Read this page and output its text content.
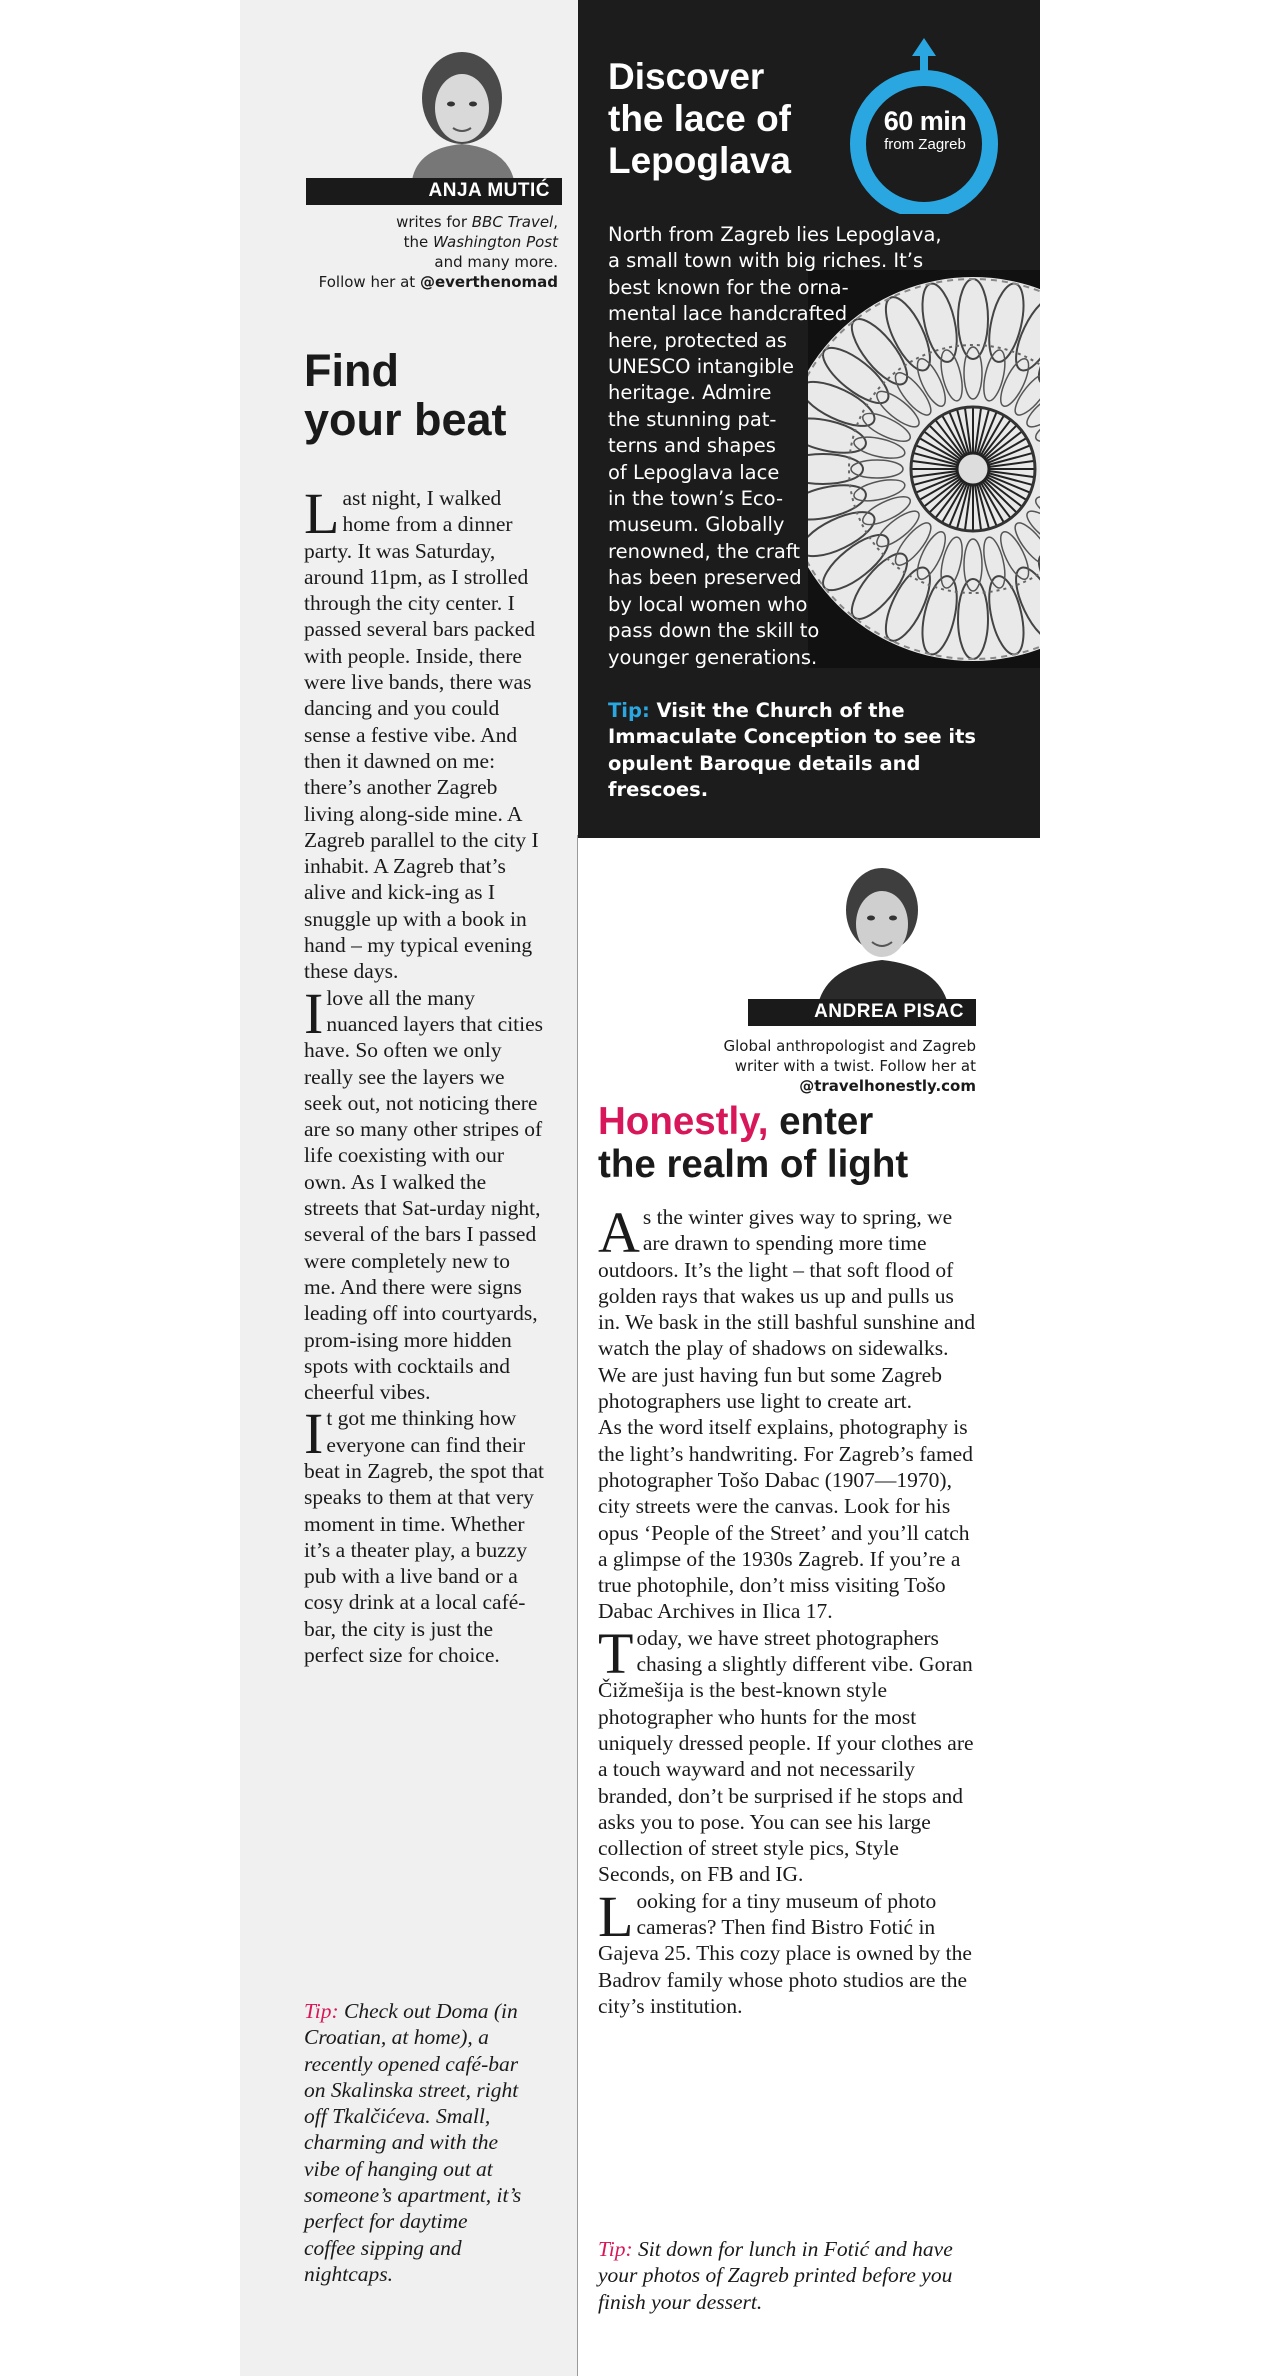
ANJA MUTIĆ
writes for BBC Travel,
the Washington Post
and many more.
Follow her at @everthenomad
Find
your beat

Last night, I walked home from a dinner party. It was Saturday, around 11pm, as I strolled through the city center. I passed several bars packed with people. Inside, there were live bands, there was dancing and you could sense a festive vibe. And then it dawned on me: there’s another Zagreb living along-side mine. A Zagreb parallel to the city I inhabit. A Zagreb that’s alive and kick-ing as I snuggle up with a book in hand – my typical evening these days.

I love all the many nuanced layers that cities have. So often we only really see the layers we seek out, not noticing there are so many other stripes of life coexisting with our own. As I walked the streets that Sat-urday night, several of the bars I passed were completely new to me. And there were signs leading off into courtyards, prom-ising more hidden spots with cocktails and cheerful vibes.

It got me thinking how everyone can find their beat in Zagreb, the spot that speaks to them at that very moment in time. Whether it’s a theater play, a buzzy pub with a live band or a cosy drink at a local café-bar, the city is just the perfect size for choice.

Tip: Check out Doma (in Croatian, at home), a recently opened café-bar on Skalinska street, right off Tkalčićeva. Small, charming and with the vibe of hanging out at someone’s apartment, it’s perfect for daytime coffee sipping and nightcaps.
Discover
the lace of
Lepoglava
60 min
from Zagreb
North from Zagreb lies Lepoglava,
a small town with big riches. It’s
best known for the orna-
mental lace handcrafted
here, protected as
UNESCO intangible
heritage. Admire
the stunning pat-
terns and shapes
of Lepoglava lace
in the town’s Eco-
museum. Globally
renowned, the craft
has been preserved
by local women who
pass down the skill to
younger generations.
Tip: Visit the Church of the Immaculate Conception to see its opulent Baroque details and frescoes.
ANDREA PISAC
Global anthropologist and Zagreb
writer with a twist. Follow her at
@travelhonestly.com
Honestly, enter
the realm of light

As the winter gives way to spring, we are drawn to spending more time outdoors. It’s the light – that soft flood of golden rays that wakes us up and pulls us in. We bask in the still bashful sunshine and watch the play of shadows on sidewalks. We are just having fun but some Zagreb photographers use light to create art.

As the word itself explains, photography is the light’s handwriting. For Zagreb’s famed photographer Tošo Dabac (1907—1970), city streets were the canvas. Look for his opus ‘People of the Street’ and you’ll catch a glimpse of the 1930s Zagreb. If you’re a true photophile, don’t miss visiting Tošo Dabac Archives in Ilica 17.

Today, we have street photographers chasing a slightly different vibe. Goran Čižmešija is the best-known style photographer who hunts for the most uniquely dressed people. If your clothes are a touch wayward and not necessarily branded, don’t be surprised if he stops and asks you to pose. You can see his large collection of street style pics, Style Seconds, on FB and IG.

Looking for a tiny museum of photo cameras? Then find Bistro Fotić in Gajeva 25. This cozy place is owned by the Badrov family whose photo studios are the city’s institution.

Tip: Sit down for lunch in Fotić and have your photos of Zagreb printed before you finish your dessert.
